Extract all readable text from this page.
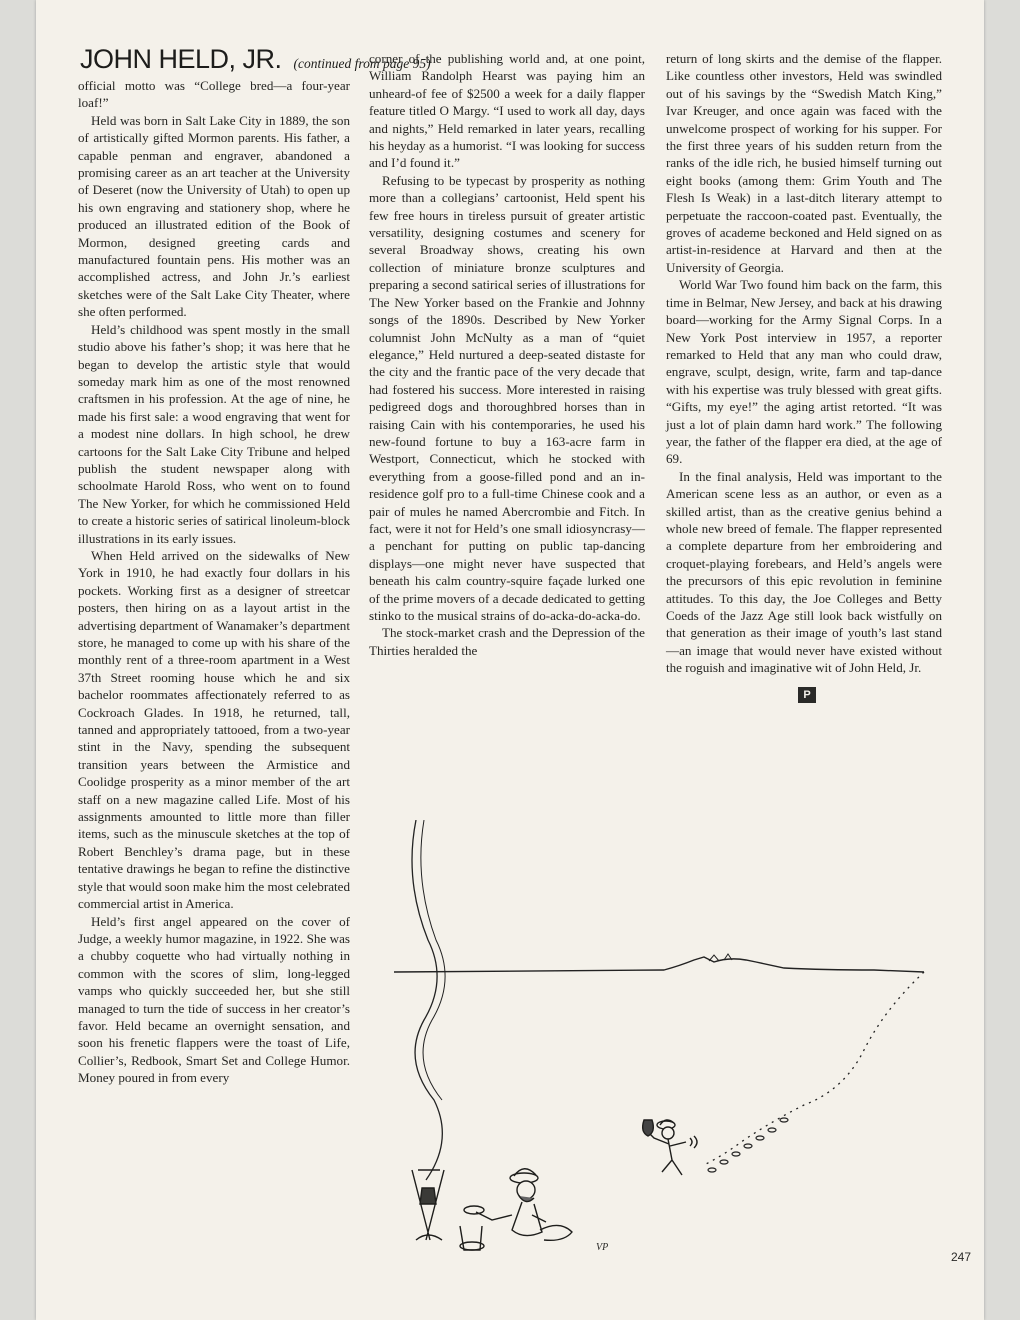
JOHN HELD, JR. (continued from page 95)

official motto was “College bred—a four-year loaf!”

Held was born in Salt Lake City in 1889, the son of artistically gifted Mormon parents. His father, a capable penman and engraver, abandoned a promising career as an art teacher at the University of Deseret (now the University of Utah) to open up his own engraving and stationery shop, where he produced an illustrated edition of the Book of Mormon, designed greeting cards and manufactured fountain pens. His mother was an accomplished actress, and John Jr.’s earliest sketches were of the Salt Lake City Theater, where she often performed.

Held’s childhood was spent mostly in the small studio above his father’s shop; it was here that he began to develop the artistic style that would someday mark him as one of the most renowned craftsmen in his profession. At the age of nine, he made his first sale: a wood engraving that went for a modest nine dollars. In high school, he drew cartoons for the Salt Lake City Tribune and helped publish the student newspaper along with schoolmate Harold Ross, who went on to found The New Yorker, for which he commissioned Held to create a historic series of satirical linoleum-block illustrations in its early issues.

When Held arrived on the sidewalks of New York in 1910, he had exactly four dollars in his pockets. Working first as a designer of streetcar posters, then hiring on as a layout artist in the advertising department of Wanamaker’s department store, he managed to come up with his share of the monthly rent of a three-room apartment in a West 37th Street rooming house which he and six bachelor roommates affectionately referred to as Cockroach Glades. In 1918, he returned, tall, tanned and appropriately tattooed, from a two-year stint in the Navy, spending the subsequent transition years between the Armistice and Coolidge prosperity as a minor member of the art staff on a new magazine called Life. Most of his assignments amounted to little more than filler items, such as the minuscule sketches at the top of Robert Benchley’s drama page, but in these tentative drawings he began to refine the distinctive style that would soon make him the most celebrated commercial artist in America.

Held’s first angel appeared on the cover of Judge, a weekly humor magazine, in 1922. She was a chubby coquette who had virtually nothing in common with the scores of slim, long-legged vamps who quickly succeeded her, but she still managed to turn the tide of success in her creator’s favor. Held became an overnight sensation, and soon his frenetic flappers were the toast of Life, Collier’s, Redbook, Smart Set and College Humor. Money poured in from every

corner of the publishing world and, at one point, William Randolph Hearst was paying him an unheard-of fee of $2500 a week for a daily flapper feature titled O Margy. “I used to work all day, days and nights,” Held remarked in later years, recalling his heyday as a humorist. “I was looking for success and I’d found it.”

Refusing to be typecast by prosperity as nothing more than a collegians’ cartoonist, Held spent his few free hours in tireless pursuit of greater artistic versatility, designing costumes and scenery for several Broadway shows, creating his own collection of miniature bronze sculptures and preparing a second satirical series of illustrations for The New Yorker based on the Frankie and Johnny songs of the 1890s. Described by New Yorker columnist John McNulty as a man of “quiet elegance,” Held nurtured a deep-seated distaste for the city and the frantic pace of the very decade that had fostered his success. More interested in raising pedigreed dogs and thoroughbred horses than in raising Cain with his contemporaries, he used his new-found fortune to buy a 163-acre farm in Westport, Connecticut, which he stocked with everything from a goose-filled pond and an in-residence golf pro to a full-time Chinese cook and a pair of mules he named Abercrombie and Fitch. In fact, were it not for Held’s one small idiosyncrasy—a penchant for putting on public tap-dancing displays—one might never have suspected that beneath his calm country-squire façade lurked one of the prime movers of a decade dedicated to getting stinko to the musical strains of do-acka-do-acka-do.

The stock-market crash and the Depression of the Thirties heralded the

return of long skirts and the demise of the flapper. Like countless other investors, Held was swindled out of his savings by the “Swedish Match King,” Ivar Kreuger, and once again was faced with the unwelcome prospect of working for his supper. For the first three years of his sudden return from the ranks of the idle rich, he busied himself turning out eight books (among them: Grim Youth and The Flesh Is Weak) in a last-ditch literary attempt to perpetuate the raccoon-coated past. Eventually, the groves of academe beckoned and Held signed on as artist-in-residence at Harvard and then at the University of Georgia.

World War Two found him back on the farm, this time in Belmar, New Jersey, and back at his drawing board—working for the Army Signal Corps. In a New York Post interview in 1957, a reporter remarked to Held that any man who could draw, engrave, sculpt, design, write, farm and tap-dance with his expertise was truly blessed with great gifts. “Gifts, my eye!” the aging artist retorted. “It was just a lot of plain damn hard work.” The following year, the father of the flapper era died, at the age of 69.

In the final analysis, Held was important to the American scene less as an author, or even as a skilled artist, than as the creative genius behind a whole new breed of female. The flapper represented a complete departure from her embroidering and croquet-playing forebears, and Held’s angels were the precursors of this epic revolution in feminine attitudes. To this day, the Joe Colleges and Betty Coeds of the Jazz Age still look back wistfully on that generation as their image of youth’s last stand—an image that would never have existed without the roguish and imaginative wit of John Held, Jr.

P
VP
247
